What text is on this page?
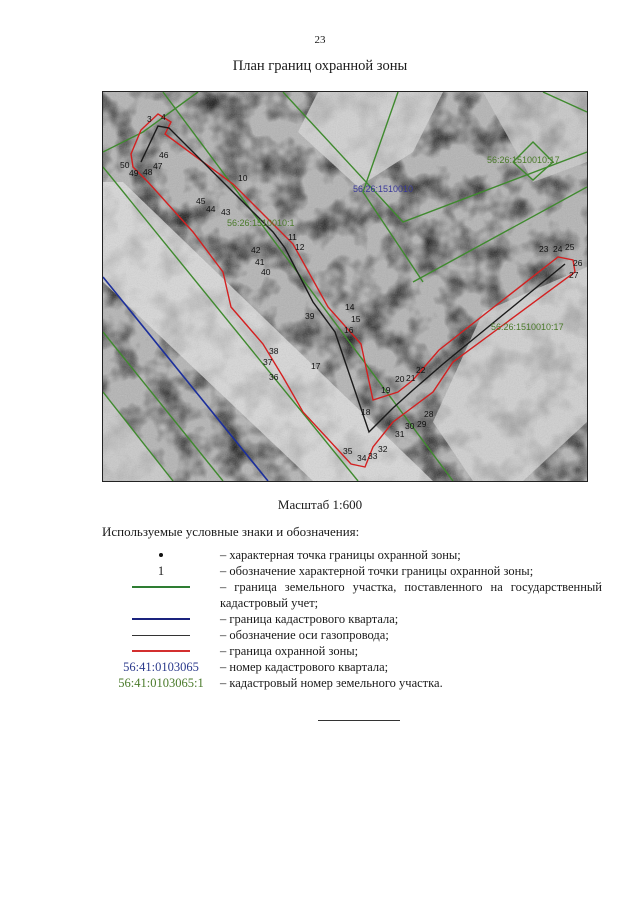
23
План границ охранной зоны
3 4
46
47
50
49 48
10
45
44 43
11
12
42
41
40
14
15
16
39
38
37	17
36
18
19
20 21
22
28
29
30
31
32
33
34
35
23 24 25
26
27
56:26:1510010
56:26:1510010:17
56:26:1510010:17
56:26:1510010:1
Масштаб 1:600
Используемые условные знаки и обозначения:
– характерная точка границы охранной зоны;
1	– обозначение характерной точки границы охранной зоны;
– граница земельного участка, поставленного на государственный кадастровый учет;
– граница кадастрового квартала;
– обозначение оси газопровода;
– граница охранной зоны;
56:41:0103065 – номер кадастрового квартала;
56:41:0103065:1 – кадастровый номер земельного участка.
